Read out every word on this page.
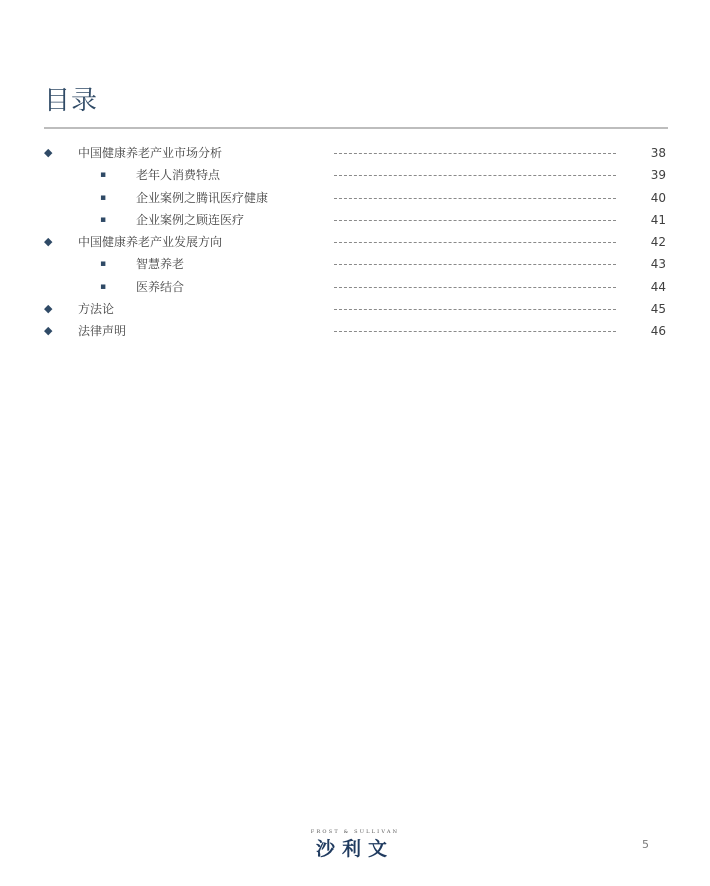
目录
◆ 中国健康养老产业市场分析	38
▪ 老年人消费特点	39
▪ 企业案例之腾讯医疗健康	40
▪ 企业案例之顾连医疗	41
◆ 中国健康养老产业发展方向	42
▪ 智慧养老	43
▪ 医养结合	44
◆ 方法论	45
◆ 法律声明	46
FROST & SULLIVAN
沙利文	5
